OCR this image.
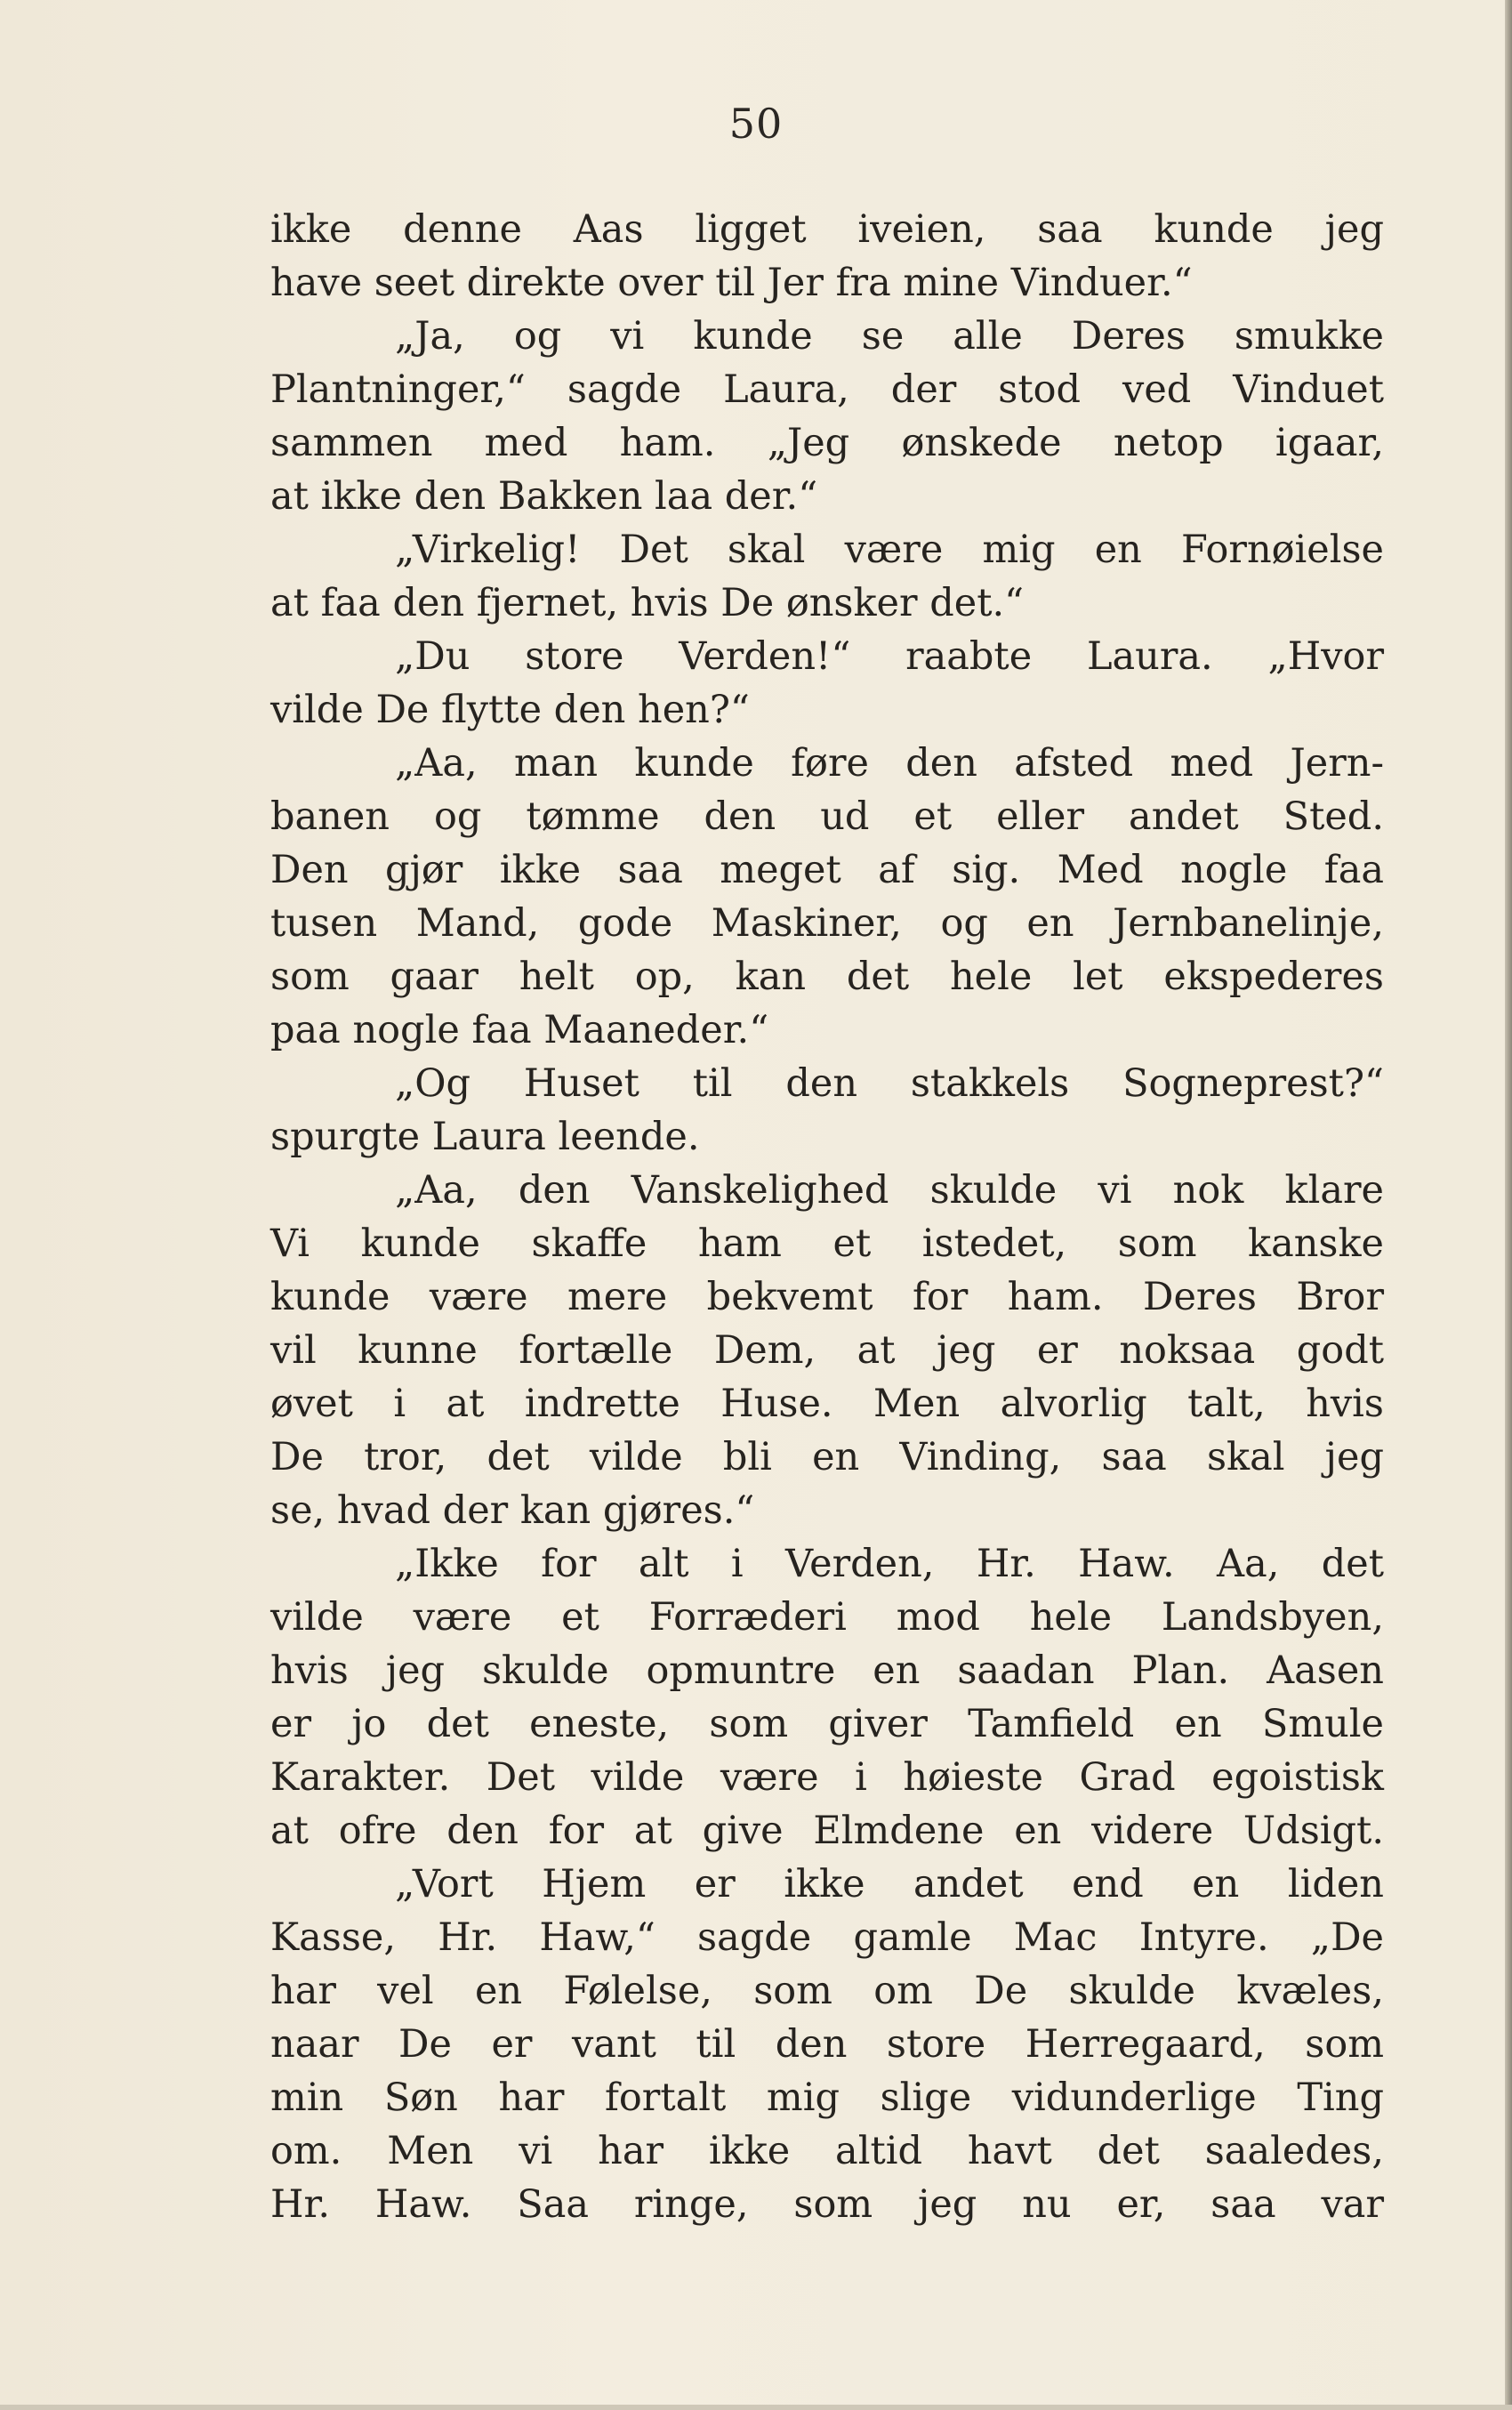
50
ikke denne Aas ligget iveien, saa kunde jeg
have seet direkte over til Jer fra mine Vinduer.“
„Ja, og vi kunde se alle Deres smukke
Plantninger,“ sagde Laura, der stod ved Vinduet
sammen med ham. „Jeg ønskede netop igaar,
at ikke den Bakken laa der.“
„Virkelig! Det skal være mig en Fornøielse
at faa den fjernet, hvis De ønsker det.“
„Du store Verden!“ raabte Laura. „Hvor
vilde De flytte den hen?“
„Aa, man kunde føre den afsted med Jern-
banen og tømme den ud et eller andet Sted.
Den gjør ikke saa meget af sig. Med nogle faa
tusen Mand, gode Maskiner, og en Jernbanelinje,
som gaar helt op, kan det hele let ekspederes
paa nogle faa Maaneder.“
„Og Huset til den stakkels Sogneprest?“
spurgte Laura leende.
„Aa, den Vanskelighed skulde vi nok klare
Vi kunde skaffe ham et istedet, som kanske
kunde være mere bekvemt for ham. Deres Bror
vil kunne fortælle Dem, at jeg er noksaa godt
øvet i at indrette Huse. Men alvorlig talt, hvis
De tror, det vilde bli en Vinding, saa skal jeg
se, hvad der kan gjøres.“
„Ikke for alt i Verden, Hr. Haw. Aa, det
vilde være et Forræderi mod hele Landsbyen,
hvis jeg skulde opmuntre en saadan Plan. Aasen
er jo det eneste, som giver Tamfield en Smule
Karakter. Det vilde være i høieste Grad egoistisk
at ofre den for at give Elmdene en videre Udsigt.
„Vort Hjem er ikke andet end en liden
Kasse, Hr. Haw,“ sagde gamle Mac Intyre. „De
har vel en Følelse, som om De skulde kvæles,
naar De er vant til den store Herregaard, som
min Søn har fortalt mig slige vidunderlige Ting
om. Men vi har ikke altid havt det saaledes,
Hr. Haw. Saa ringe, som jeg nu er, saa var
